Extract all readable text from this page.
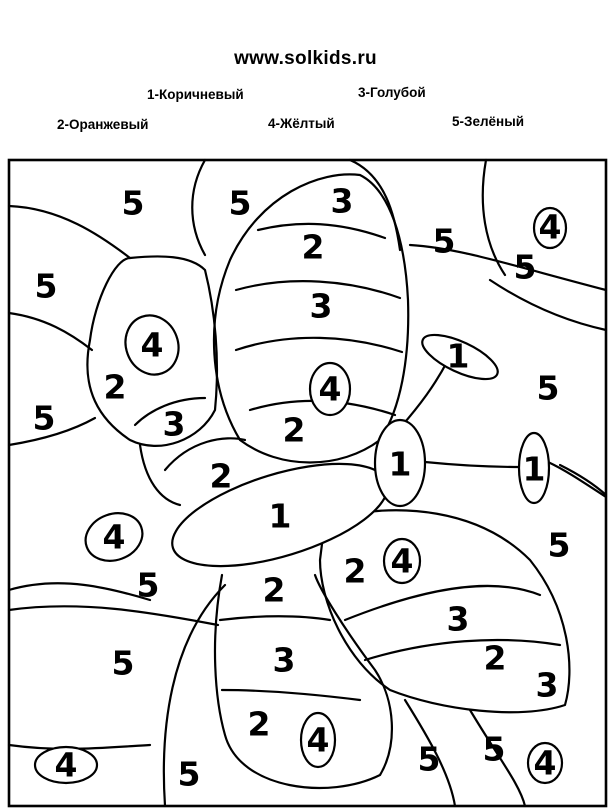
www.solkids.ru
1-Коричневый	3-Голубой
2-Оранжевый	4-Жёлтый	5-Зелёный
5	5 3
5	4
5
2
5
3
4	1
2	5
5	3
4
2
1	1
2
1
4	5
2 4
5	2
3
2
3
5	3
2 4
4	5	5 5 4
